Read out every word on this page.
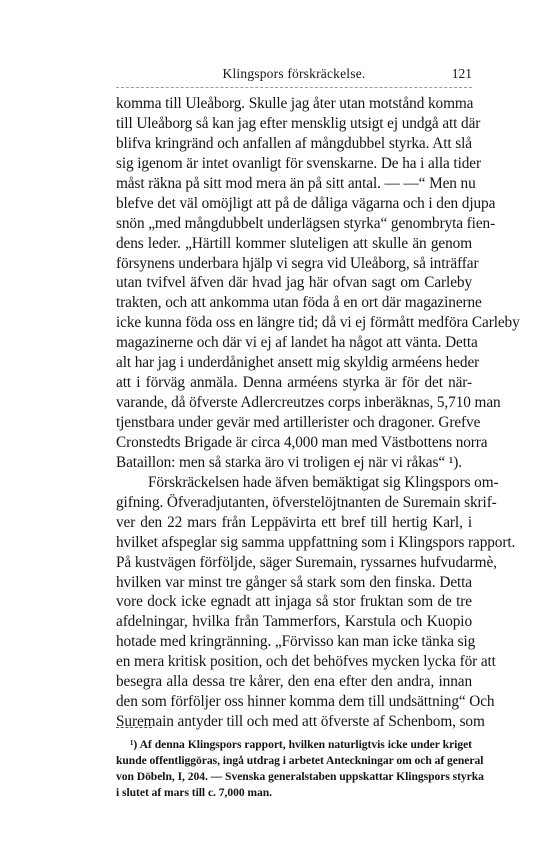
Klingspors förskräckelse.	121
komma till Uleåborg. Skulle jag åter utan motstånd komma
till Uleåborg så kan jag efter mensklig utsigt ej undgå att där
blifva kringränd och anfallen af mångdubbel styrka. Att slå
sig igenom är intet ovanligt för svenskarne. De ha i alla tider
måst räkna på sitt mod mera än på sitt antal. — —“ Men nu
blefve det väl omöjligt att på de dåliga vägarna och i den djupa
snön „med mångdubbelt underlägsen styrka“ genombryta fien-
dens leder. „Härtill kommer sluteligen att skulle än genom
försynens underbara hjälp vi segra vid Uleåborg, så inträffar
utan tvifvel äfven där hvad jag här ofvan sagt om Carleby
trakten, och att ankomma utan föda å en ort där magazinerne
icke kunna föda oss en längre tid; då vi ej förmått medföra Carleby
magazinerne och där vi ej af landet ha något att vänta. Detta
alt har jag i underdånighet ansett mig skyldig arméens heder
att i förväg anmäla. Denna arméens styrka är för det när-
varande, då öfverste Adlercreutzes corps inberäknas, 5,710 man
tjenstbara under gevär med artillerister och dragoner. Grefve
Cronstedts Brigade är circa 4,000 man med Västbottens norra
Bataillon: men så starka äro vi troligen ej när vi råkas“ ¹).
Förskräckelsen hade äfven bemäktigat sig Klingspors om-
gifning. Öfveradjutanten, öfverstelöjtnanten de Suremain skrif-
ver den 22 mars från Leppävirta ett bref till hertig Karl, i
hvilket afspeglar sig samma uppfattning som i Klingspors rapport.
På kustvägen förföljde, säger Suremain, ryssarnes hufvudarmè,
hvilken var minst tre gånger så stark som den finska. Detta
vore dock icke egnadt att injaga så stor fruktan som de tre
afdelningar, hvilka från Tammerfors, Karstula och Kuopio
hotade med kringränning. „Förvisso kan man icke tänka sig
en mera kritisk position, och det behöfves mycken lycka för att
besegra alla dessa tre kårer, den ena efter den andra, innan
den som förföljer oss hinner komma dem till undsättning“ Och
Suremain antyder till och med att öfverste af Schenbom, som
¹) Af denna Klingspors rapport, hvilken naturligtvis icke under kriget
kunde offentliggöras, ingå utdrag i arbetet Anteckningar om och af general
von Döbeln, I, 204. — Svenska generalstaben uppskattar Klingspors styrka
i slutet af mars till c. 7,000 man.
